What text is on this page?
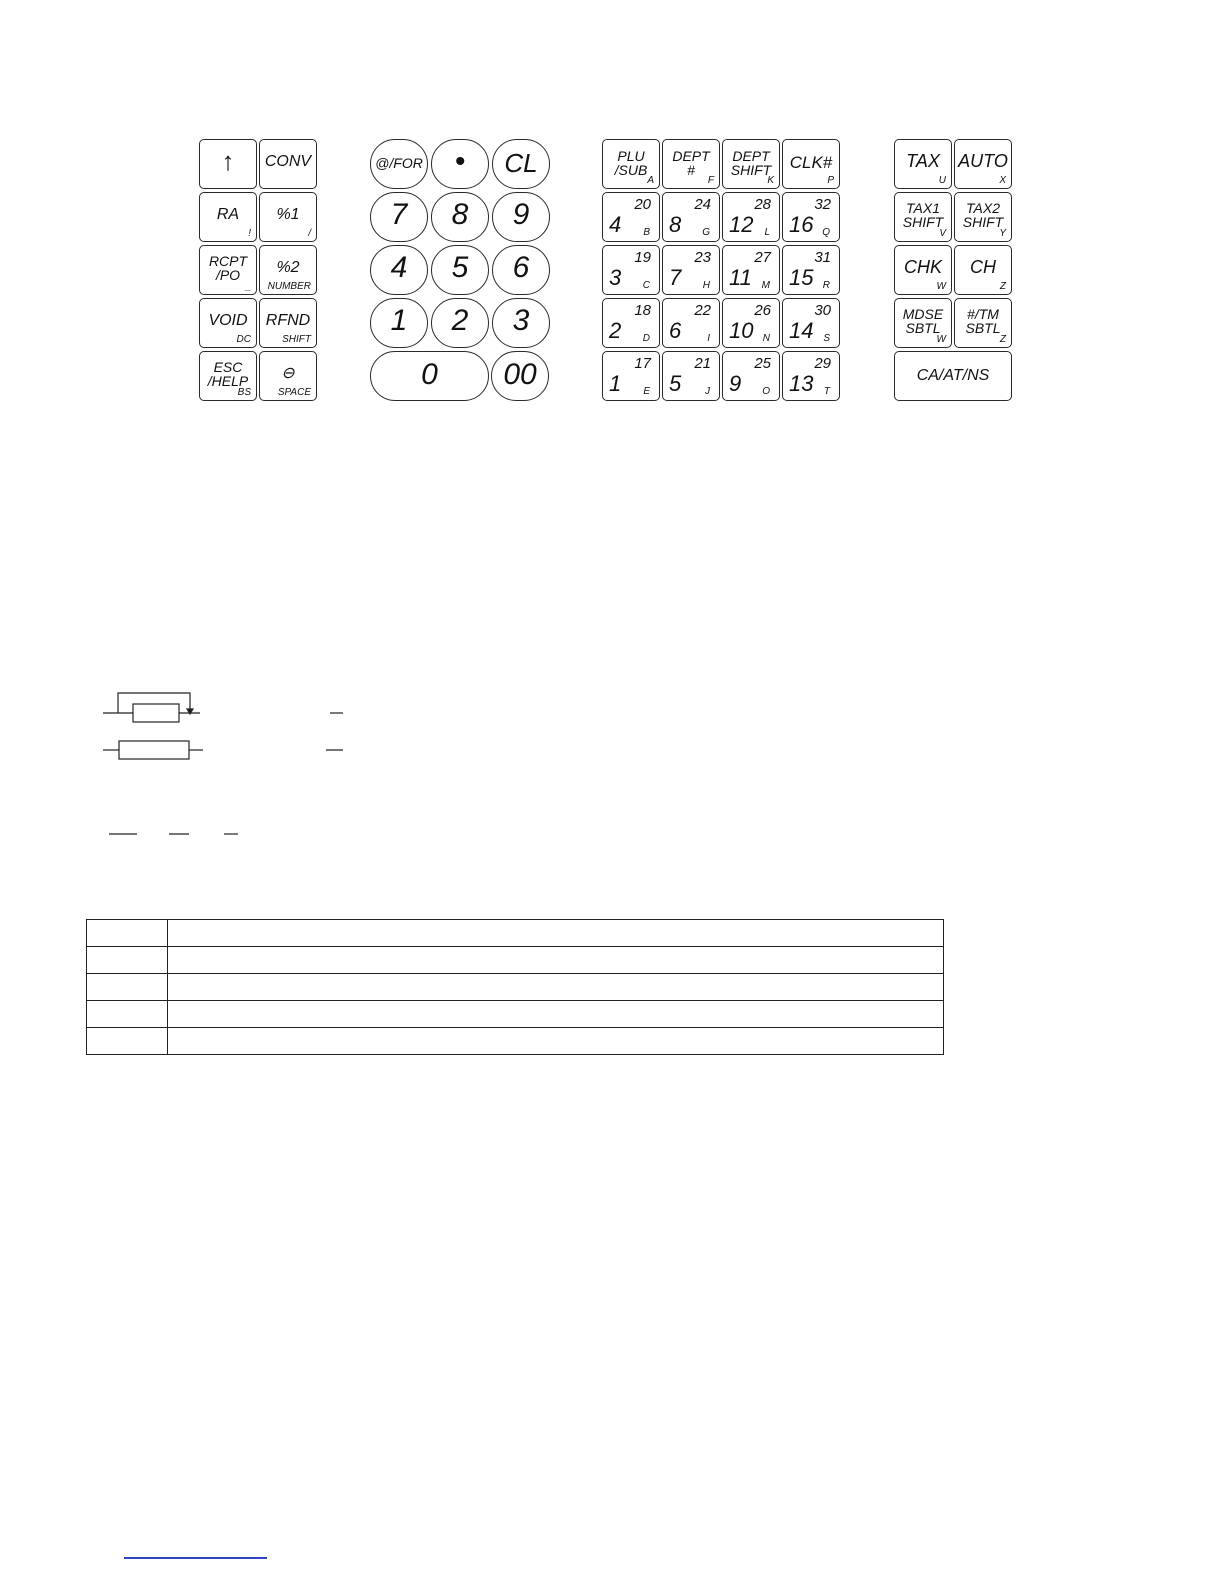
↑	CONV
RA
!
%1
/
RCPT
/PO
_
%2
NUMBER
VOID
DC
RFND
SHIFT
ESC
/HELP
BS
⊖
SPACE
@/FOR	•	CL
7	8	9
4	5	6
1	2	3
0	00
PLU
/SUB
A
DEPT
#
F
DEPT
SHIFT
K
CLK#
P
20
4 B
24
8 G
28
12 L
32
16 Q
19
3 C
23
7 H
27
11 M
31
15 R
18
2 D
22
6	I
26
10 N
30
14 S
17
1 E
21
5 J
25
9 O
29
13 T
TAX
U
AUTO
X
TAX1
SHIFT
V
TAX2
SHIFT
Y
CHK
W
CH
Z
MDSE
SBTL
W
#/TM
SBTL
Z
CA/AT/NS
